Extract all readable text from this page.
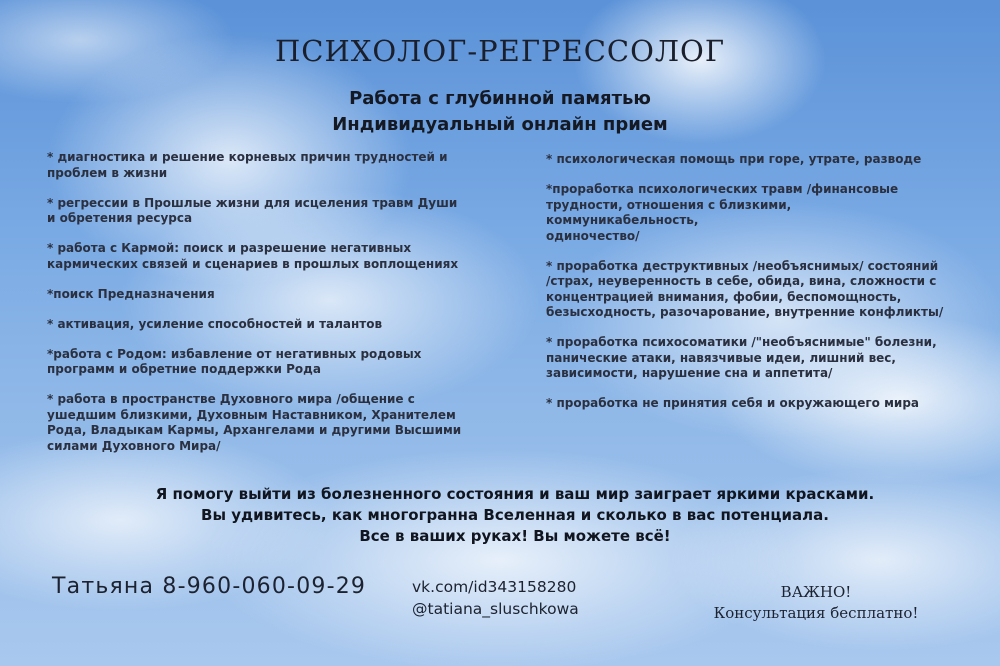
ПСИХОЛОГ-РЕГРЕССОЛОГ
Работа с глубинной памятью
Индивидуальный онлайн прием
* диагностика и решение корневых причин трудностей и
проблем в жизни
* регрессии в Прошлые жизни для исцеления травм Души
и обретения ресурса
* работа с Кармой: поиск и разрешение негативных
кармических связей и сценариев в прошлых воплощениях
*поиск Предназначения
* активация, усиление способностей и талантов
*работа с Родом: избавление от негативных родовых
программ и обретние поддержки Рода
* работа в пространстве Духовного мира /общение с
ушедшим близкими, Духовным Наставником, Хранителем
Рода, Владыкам Кармы, Архангелами и другими Высшими
силами Духовного Мира/
* психологическая помощь при горе, утрате, разводе
*проработка психологических травм /финансовые
трудности, отношения с близкими, коммуникабельность,
одиночество/
* проработка деструктивных /необъяснимых/ состояний
/страх, неуверенность в себе, обида, вина, сложности с
концентрацией внимания, фобии, беспомощность,
безысходность, разочарование, внутренние конфликты/
* проработка психосоматики /"необъяснимые" болезни,
панические атаки, навязчивые идеи, лишний вес,
зависимости, нарушение сна и аппетита/
* проработка не принятия себя и окружающего мира
Я помогу выйти из болезненного состояния и ваш мир заиграет яркими красками.
Вы удивитесь, как многогранна Вселенная и сколько в вас потенциала.
Все в ваших руках! Вы можете всё!
Татьяна 8-960-060-09-29	vk.com/id343158280
@tatiana_sluschkowa
ВАЖНО!
Консультация бесплатно!
